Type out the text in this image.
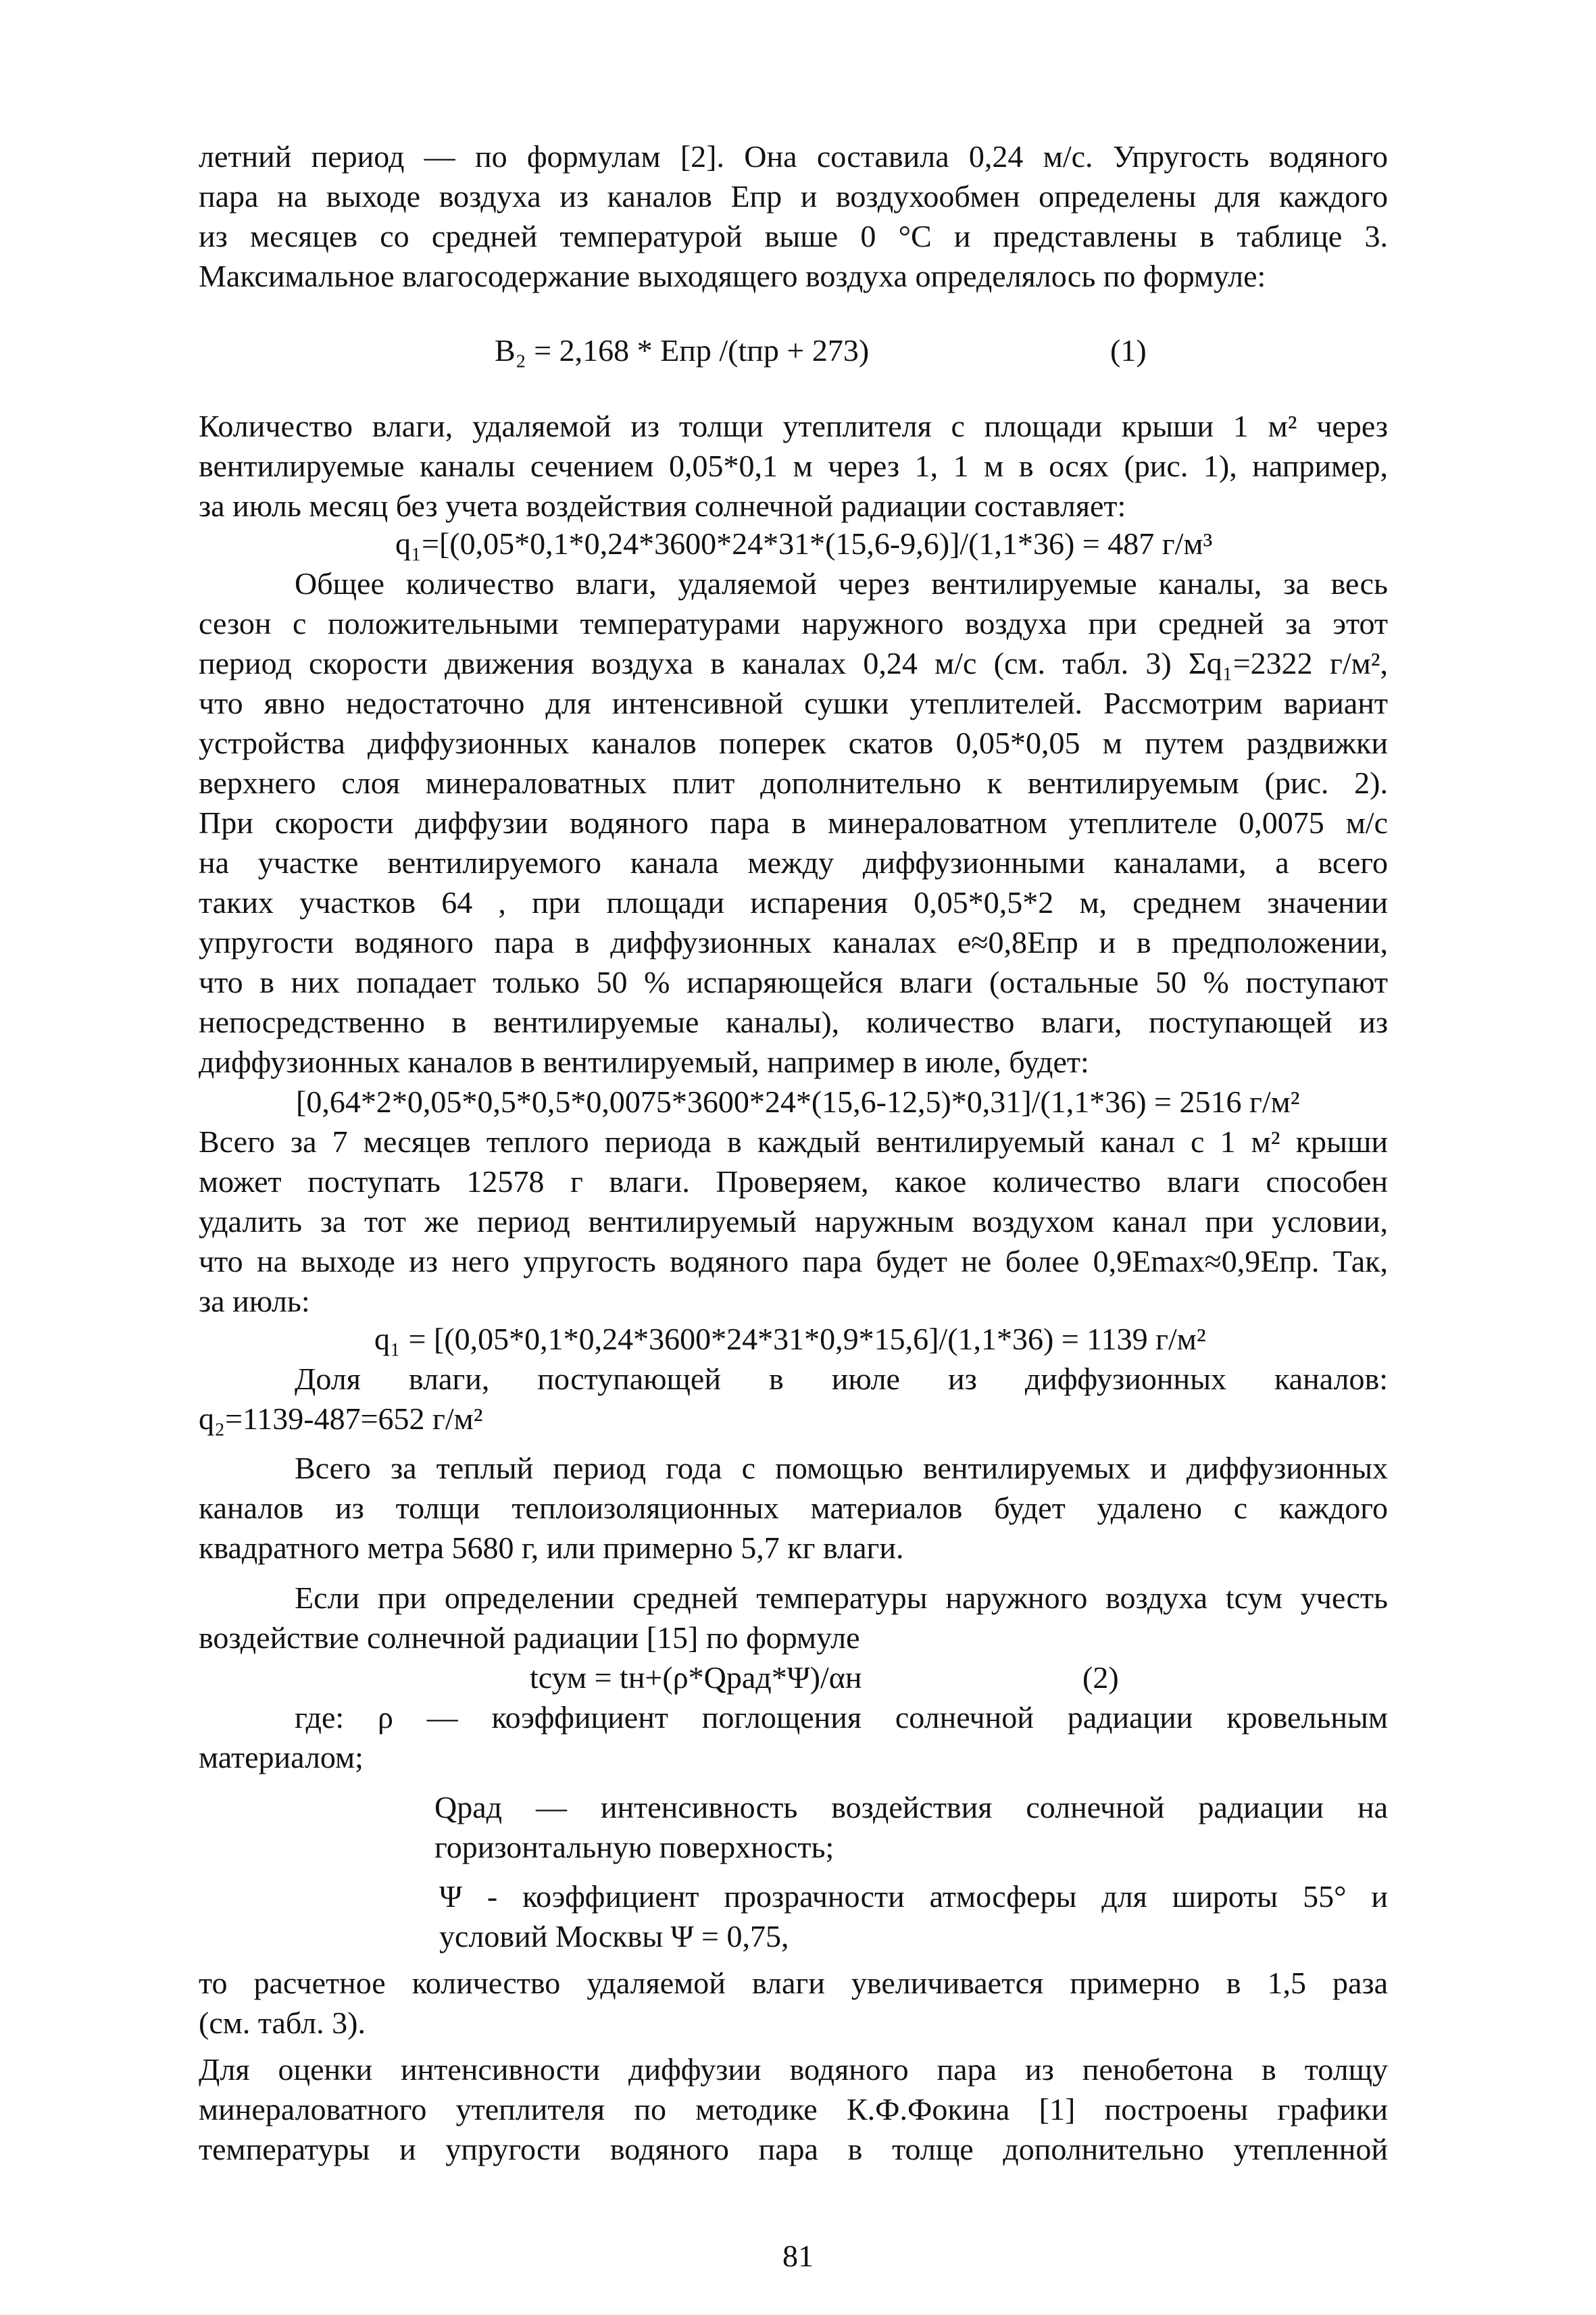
летний период — по формулам [2]. Она составила 0,24 м/с. Упругость водяного
пара на выходе воздуха из каналов Eпр и воздухообмен определены для каждого
из месяцев со средней температурой выше 0 °С и представлены в таблице 3.
Максимальное влагосодержание выходящего воздуха определялось по формуле:
B₂ = 2,168 * Eпр /(tпр + 273)	(1)
Количество влаги, удаляемой из толщи утеплителя с площади крыши 1 м² через
вентилируемые каналы сечением 0,05*0,1 м через 1, 1 м в осях (рис. 1), например,
за июль месяц без учета воздействия солнечной радиации составляет:
q₁=[(0,05*0,1*0,24*3600*24*31*(15,6-9,6)]/(1,1*36) = 487 г/м³
Общее количество влаги, удаляемой через вентилируемые каналы, за весь
сезон с положительными температурами наружного воздуха при средней за этот
период скорости движения воздуха в каналах 0,24 м/с (см. табл. 3) Σq₁=2322 г/м²,
что явно недостаточно для интенсивной сушки утеплителей. Рассмотрим вариант
устройства диффузионных каналов поперек скатов 0,05*0,05 м путем раздвижки
верхнего слоя минераловатных плит дополнительно к вентилируемым (рис. 2).
При скорости диффузии водяного пара в минераловатном утеплителе 0,0075 м/с
на участке вентилируемого канала между диффузионными каналами, а всего
таких участков 64 , при площади испарения 0,05*0,5*2 м, среднем значении
упругости водяного пара в диффузионных каналах e≈0,8Eпр и в предположении,
что в них попадает только 50 % испаряющейся влаги (остальные 50 % поступают
непосредственно в вентилируемые каналы), количество влаги, поступающей из
диффузионных каналов в вентилируемый, например в июле, будет:
[0,64*2*0,05*0,5*0,5*0,0075*3600*24*(15,6-12,5)*0,31]/(1,1*36) = 2516 г/м²
Всего за 7 месяцев теплого периода в каждый вентилируемый канал с 1 м² крыши
может поступать 12578 г влаги. Проверяем, какое количество влаги способен
удалить за тот же период вентилируемый наружным воздухом канал при условии,
что на выходе из него упругость водяного пара будет не более 0,9Emax≈0,9Eпр. Так,
за июль:
q₁ = [(0,05*0,1*0,24*3600*24*31*0,9*15,6]/(1,1*36) = 1139 г/м²
Доля влаги, поступающей в июле из диффузионных каналов:
q₂=1139-487=652 г/м²
Всего за теплый период года с помощью вентилируемых и диффузионных
каналов из толщи теплоизоляционных материалов будет удалено с каждого
квадратного метра 5680 г, или примерно 5,7 кг влаги.
Если при определении средней температуры наружного воздуха tсум учесть
воздействие солнечной радиации [15] по формуле
tсум = tн+(ρ*Qрад*Ψ)/αн	(2)
где: ρ — коэффициент поглощения солнечной радиации кровельным
материалом;
Qрад — интенсивность воздействия солнечной радиации на
горизонтальную поверхность;
Ψ - коэффициент прозрачности атмосферы для широты 55° и
условий Москвы Ψ = 0,75,
то расчетное количество удаляемой влаги увеличивается примерно в 1,5 раза
(см. табл. 3).
81
Для оценки интенсивности диффузии водяного пара из пенобетона в толщу
минераловатного утеплителя по методике К.Ф.Фокина [1] построены графики
температуры и упругости водяного пара в толще дополнительно утепленной
